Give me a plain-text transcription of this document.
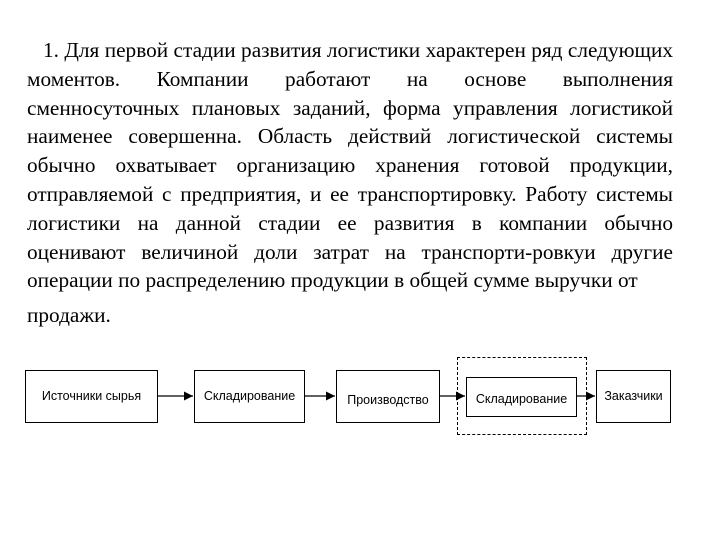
1. Для первой стадии развития логистики характерен ряд следующих моментов. Компании работают на основе выполнения сменносуточных плановых заданий, форма управления логистикой наименее совершенна. Область действий логистической системы обычно охватывает организацию хранения готовой продукции, отправляемой с предприятия, и ее транспортировку. Работу системы логистики на данной стадии ее развития в компании обычно оценивают величиной доли затрат на транспорти-ровкуи другие операции по распределению продукции в общей сумме выручки от
продажи.
Источники сырья	Складирование	Производство	Складирование	Заказчики
